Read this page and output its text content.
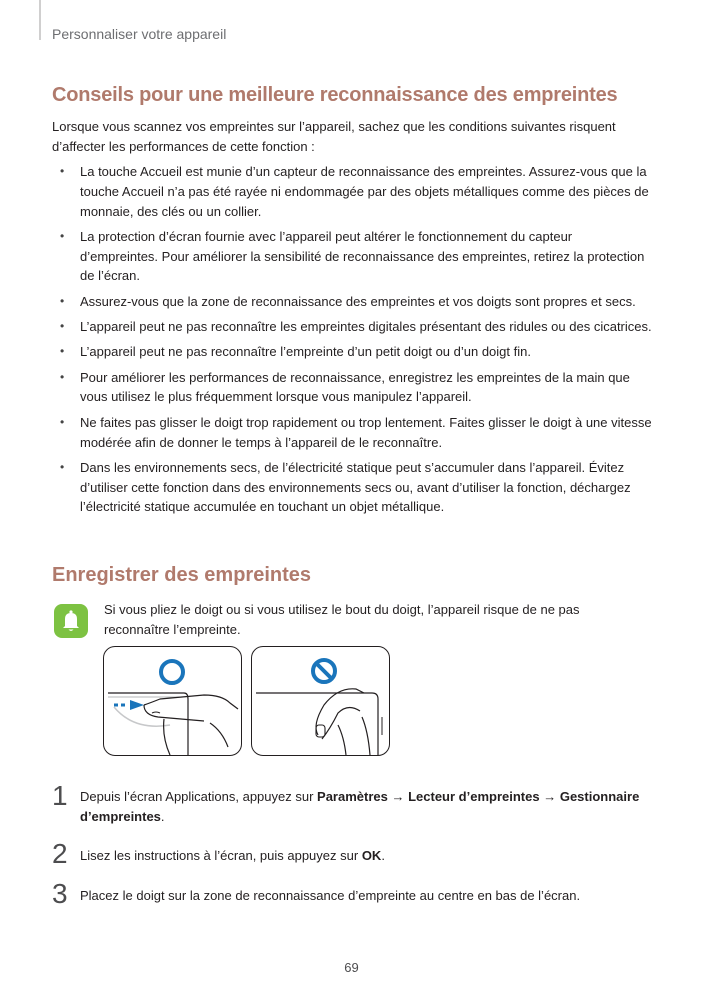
Personnaliser votre appareil
Conseils pour une meilleure reconnaissance des empreintes
Lorsque vous scannez vos empreintes sur l’appareil, sachez que les conditions suivantes risquent d’affecter les performances de cette fonction :
• La touche Accueil est munie d’un capteur de reconnaissance des empreintes. Assurez-vous que la touche Accueil n’a pas été rayée ni endommagée par des objets métalliques comme des pièces de monnaie, des clés ou un collier.
• La protection d’écran fournie avec l’appareil peut altérer le fonctionnement du capteur d’empreintes. Pour améliorer la sensibilité de reconnaissance des empreintes, retirez la protection de l’écran.
• Assurez-vous que la zone de reconnaissance des empreintes et vos doigts sont propres et secs.
• L’appareil peut ne pas reconnaître les empreintes digitales présentant des ridules ou des cicatrices.
• L’appareil peut ne pas reconnaître l’empreinte d’un petit doigt ou d’un doigt fin.
• Pour améliorer les performances de reconnaissance, enregistrez les empreintes de la main que vous utilisez le plus fréquemment lorsque vous manipulez l’appareil.
• Ne faites pas glisser le doigt trop rapidement ou trop lentement. Faites glisser le doigt à une vitesse modérée afin de donner le temps à l’appareil de le reconnaître.
• Dans les environnements secs, de l’électricité statique peut s’accumuler dans l’appareil. Évitez d’utiliser cette fonction dans des environnements secs ou, avant d’utiliser la fonction, déchargez l’électricité statique accumulée en touchant un objet métallique.
Enregistrer des empreintes
Si vous pliez le doigt ou si vous utilisez le bout du doigt, l’appareil risque de ne pas reconnaître l’empreinte.
1 Depuis l’écran Applications, appuyez sur Paramètres → Lecteur d’empreintes → Gestionnaire d’empreintes.
2 Lisez les instructions à l’écran, puis appuyez sur OK.
3 Placez le doigt sur la zone de reconnaissance d’empreinte au centre en bas de l’écran.
69
